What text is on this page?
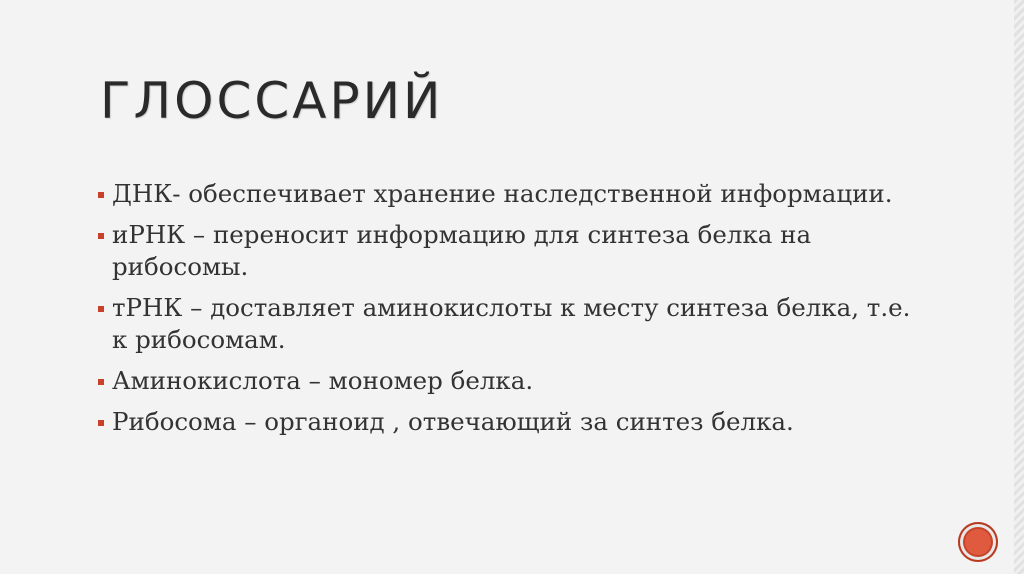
ГЛОССАРИЙ
ДНК- обеспечивает хранение наследственной информации.
иРНК – переносит информацию для синтеза белка на рибосомы.
тРНК – доставляет аминокислоты к месту синтеза белка, т.е. к рибосомам.
Аминокислота – мономер белка.
Рибосома – органоид , отвечающий за синтез белка.
